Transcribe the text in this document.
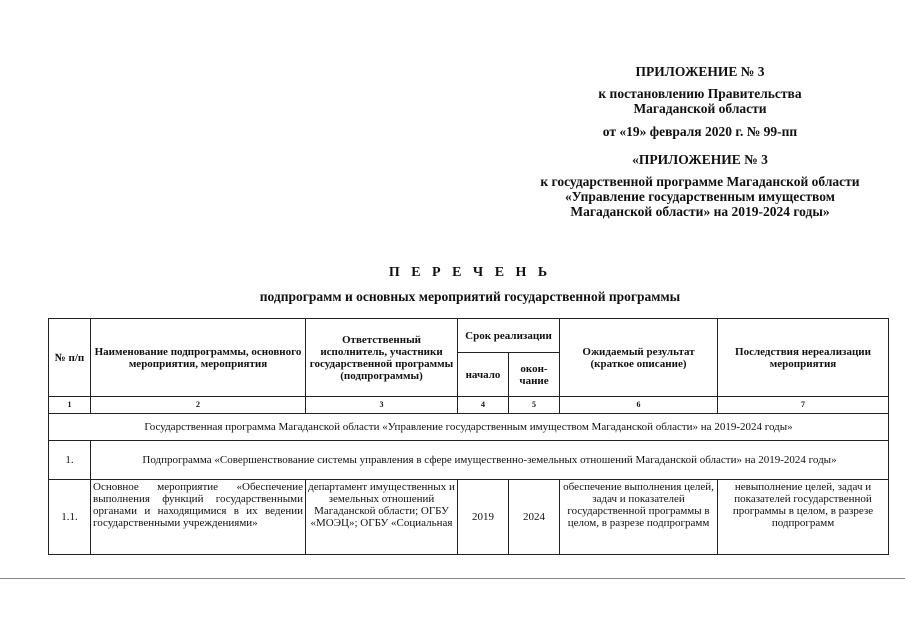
ПРИЛОЖЕНИЕ № 3
к постановлению Правительства Магаданской области
от «19» февраля 2020 г. № 99-пп
«ПРИЛОЖЕНИЕ № 3
к государственной программе Магаданской области «Управление государственным имуществом Магаданской области» на 2019-2024 годы»
П Е Р Е Ч Е Н Ь
подпрограмм и основных мероприятий государственной программы
№ п/п	Наименование подпрограммы, основного мероприятия, мероприятия	Ответственный исполнитель, участники государственной программы (подпрограммы)	Срок реализации		Ожидаемый результат (краткое описание)	Последствия нереализации мероприятия
			начало	окон-чание		
1	2	3	4	5	6	7
Государственная программа Магаданской области «Управление государственным имуществом Магаданской области» на 2019-2024 годы»						
1.	Подпрограмма «Совершенствование системы управления в сфере имущественно-земельных отношений Магаданской области» на 2019-2024 годы»					
1.1.	Основное мероприятие «Обеспечение выполнения функций государственными органами и находящимися в их ведении государственными учреждениями»	департамент имущественных и земельных отношений Магаданской области; ОГБУ «МОЭЦ»; ОГБУ «Социальная	2019	2024	обеспечение выполнения целей, задач и показателей государственной программы в целом, в разрезе подпрограмм	невыполнение целей, задач и показателей государственной программы в целом, в разрезе подпрограмм
